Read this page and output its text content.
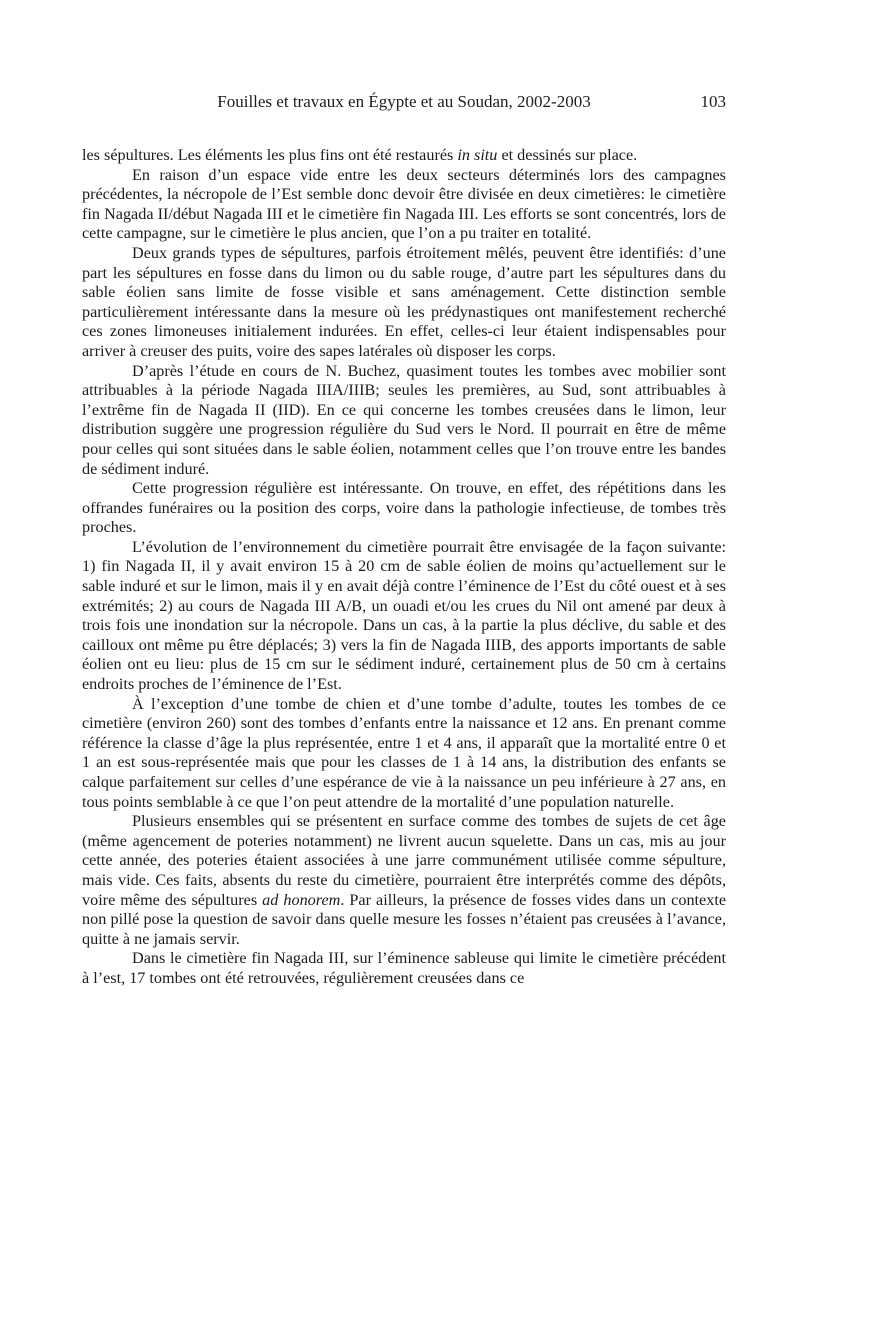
Fouilles et travaux en Égypte et au Soudan, 2002-2003	103

les sépultures. Les éléments les plus fins ont été restaurés in situ et dessinés sur place.

En raison d’un espace vide entre les deux secteurs déterminés lors des campagnes précédentes, la nécropole de l’Est semble donc devoir être divisée en deux cimetières: le cimetière fin Nagada II/début Nagada III et le cimetière fin Nagada III. Les efforts se sont concentrés, lors de cette campagne, sur le cimetière le plus ancien, que l’on a pu traiter en totalité.

Deux grands types de sépultures, parfois étroitement mêlés, peuvent être identifiés: d’une part les sépultures en fosse dans du limon ou du sable rouge, d’autre part les sépultures dans du sable éolien sans limite de fosse visible et sans aménagement. Cette distinction semble particulièrement intéressante dans la mesure où les prédynastiques ont manifestement recherché ces zones limoneuses initialement indurées. En effet, celles-ci leur étaient indispensables pour arriver à creuser des puits, voire des sapes latérales où disposer les corps.

D’après l’étude en cours de N. Buchez, quasiment toutes les tombes avec mobilier sont attribuables à la période Nagada IIIA/IIIB; seules les premières, au Sud, sont attribuables à l’extrême fin de Nagada II (IID). En ce qui concerne les tombes creusées dans le limon, leur distribution suggère une progression régulière du Sud vers le Nord. Il pourrait en être de même pour celles qui sont situées dans le sable éolien, notamment celles que l’on trouve entre les bandes de sédiment induré.

Cette progression régulière est intéressante. On trouve, en effet, des répétitions dans les offrandes funéraires ou la position des corps, voire dans la pathologie infectieuse, de tombes très proches.

L’évolution de l’environnement du cimetière pourrait être envisagée de la façon suivante: 1) fin Nagada II, il y avait environ 15 à 20 cm de sable éolien de moins qu’actuellement sur le sable induré et sur le limon, mais il y en avait déjà contre l’éminence de l’Est du côté ouest et à ses extrémités; 2) au cours de Nagada III A/B, un ouadi et/ou les crues du Nil ont amené par deux à trois fois une inondation sur la nécropole. Dans un cas, à la partie la plus déclive, du sable et des cailloux ont même pu être déplacés; 3) vers la fin de Nagada IIIB, des apports importants de sable éolien ont eu lieu: plus de 15 cm sur le sédiment induré, certainement plus de 50 cm à certains endroits proches de l’éminence de l’Est.

À l’exception d’une tombe de chien et d’une tombe d’adulte, toutes les tombes de ce cimetière (environ 260) sont des tombes d’enfants entre la naissance et 12 ans. En prenant comme référence la classe d’âge la plus représentée, entre 1 et 4 ans, il apparaît que la mortalité entre 0 et 1 an est sous-représentée mais que pour les classes de 1 à 14 ans, la distribution des enfants se calque parfaitement sur celles d’une espérance de vie à la naissance un peu inférieure à 27 ans, en tous points semblable à ce que l’on peut attendre de la mortalité d’une population naturelle.

Plusieurs ensembles qui se présentent en surface comme des tombes de sujets de cet âge (même agencement de poteries notamment) ne livrent aucun squelette. Dans un cas, mis au jour cette année, des poteries étaient associées à une jarre communément utilisée comme sépulture, mais vide. Ces faits, absents du reste du cimetière, pourraient être interprétés comme des dépôts, voire même des sépultures ad honorem. Par ailleurs, la présence de fosses vides dans un contexte non pillé pose la question de savoir dans quelle mesure les fosses n’étaient pas creusées à l’avance, quitte à ne jamais servir.

Dans le cimetière fin Nagada III, sur l’éminence sableuse qui limite le cimetière précédent à l’est, 17 tombes ont été retrouvées, régulièrement creusées dans ce
